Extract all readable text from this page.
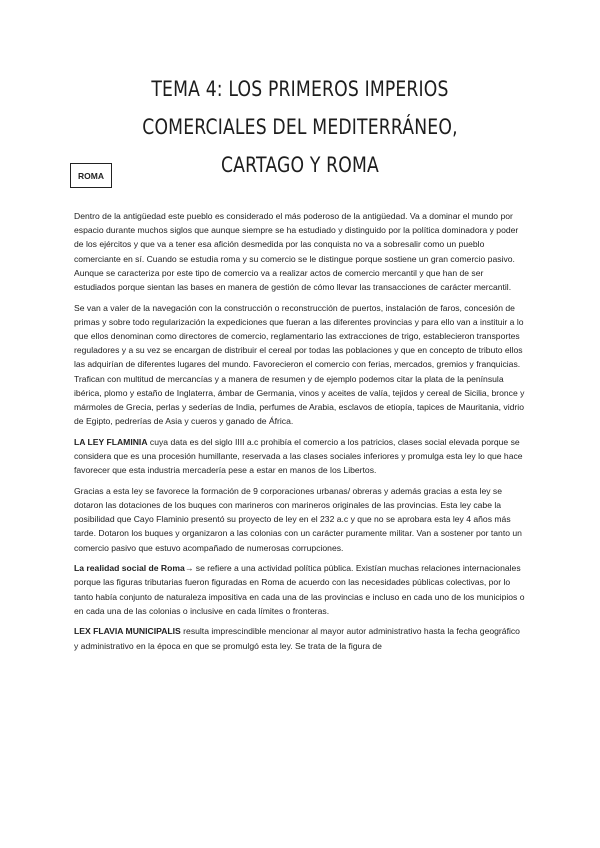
TEMA 4: LOS PRIMEROS IMPERIOS COMERCIALES DEL MEDITERRÁNEO, CARTAGO Y ROMA
ROMA

Dentro de la antigüedad este pueblo es considerado el más poderoso de la antigüedad. Va a dominar el mundo por espacio durante muchos siglos que aunque siempre se ha estudiado y distinguido por la política dominadora y poder de los ejércitos y que va a tener esa afición desmedida por las conquista no va a sobresalir como un pueblo comerciante en sí. Cuando se estudia roma y su comercio se le distingue porque sostiene un gran comercio pasivo. Aunque se caracteriza por este tipo de comercio va a realizar actos de comercio mercantil y que han de ser estudiados porque sientan las bases en manera de gestión de cómo llevar las transacciones de carácter mercantil.

Se van a valer de la navegación con la construcción o reconstrucción de puertos, instalación de faros, concesión de primas y sobre todo regularización la expediciones que fueran a las diferentes provincias y para ello van a instituir a lo que ellos denominan como directores de comercio, reglamentario las extracciones de trigo, establecieron transportes reguladores y a su vez se encargan de distribuir el cereal por todas las poblaciones y que en concepto de tributo ellos las adquirían de diferentes lugares del mundo. Favorecieron el comercio con ferias, mercados, gremios y franquicias. Trafican con multitud de mercancías y a manera de resumen y de ejemplo podemos citar la plata de la península ibérica, plomo y estaño de Inglaterra, ámbar de Germania, vinos y aceites de valía, tejidos y cereal de Sicilia, bronce y mármoles de Grecia, perlas y sederías de India, perfumes de Arabia, esclavos de etiopía, tapices de Mauritania, vidrio de Egipto, pedrerías de Asia y cueros y ganado de África.

LA LEY FLAMINIA cuya data es del siglo IIII a.c prohibía el comercio a los patricios, clases social elevada porque se considera que es una procesión humillante, reservada a las clases sociales inferiores y promulga esta ley lo que hace favorecer que esta industria mercadería pese a estar en manos de los Libertos.

Gracias a esta ley se favorece la formación de 9 corporaciones urbanas/ obreras y además gracias a esta ley se dotaron las dotaciones de los buques con marineros con marineros originales de las provincias. Esta ley cabe la posibilidad que Cayo Flaminio presentó su proyecto de ley en el 232 a.c y que no se aprobara esta ley 4 años más tarde. Dotaron los buques y organizaron a las colonias con un carácter puramente militar. Van a sostener por tanto un comercio pasivo que estuvo acompañado de numerosas corrupciones.

La realidad social de Roma→ se refiere a una actividad política pública. Existían muchas relaciones internacionales porque las figuras tributarias fueron figuradas en Roma de acuerdo con las necesidades públicas colectivas, por lo tanto había conjunto de naturaleza impositiva en cada una de las provincias e incluso en cada uno de los municipios o en cada una de las colonias o inclusive en cada límites o fronteras.

LEX FLAVIA MUNICIPALIS resulta imprescindible mencionar al mayor autor administrativo hasta la fecha geográfico y administrativo en la época en que se promulgó esta ley. Se trata de la figura de
